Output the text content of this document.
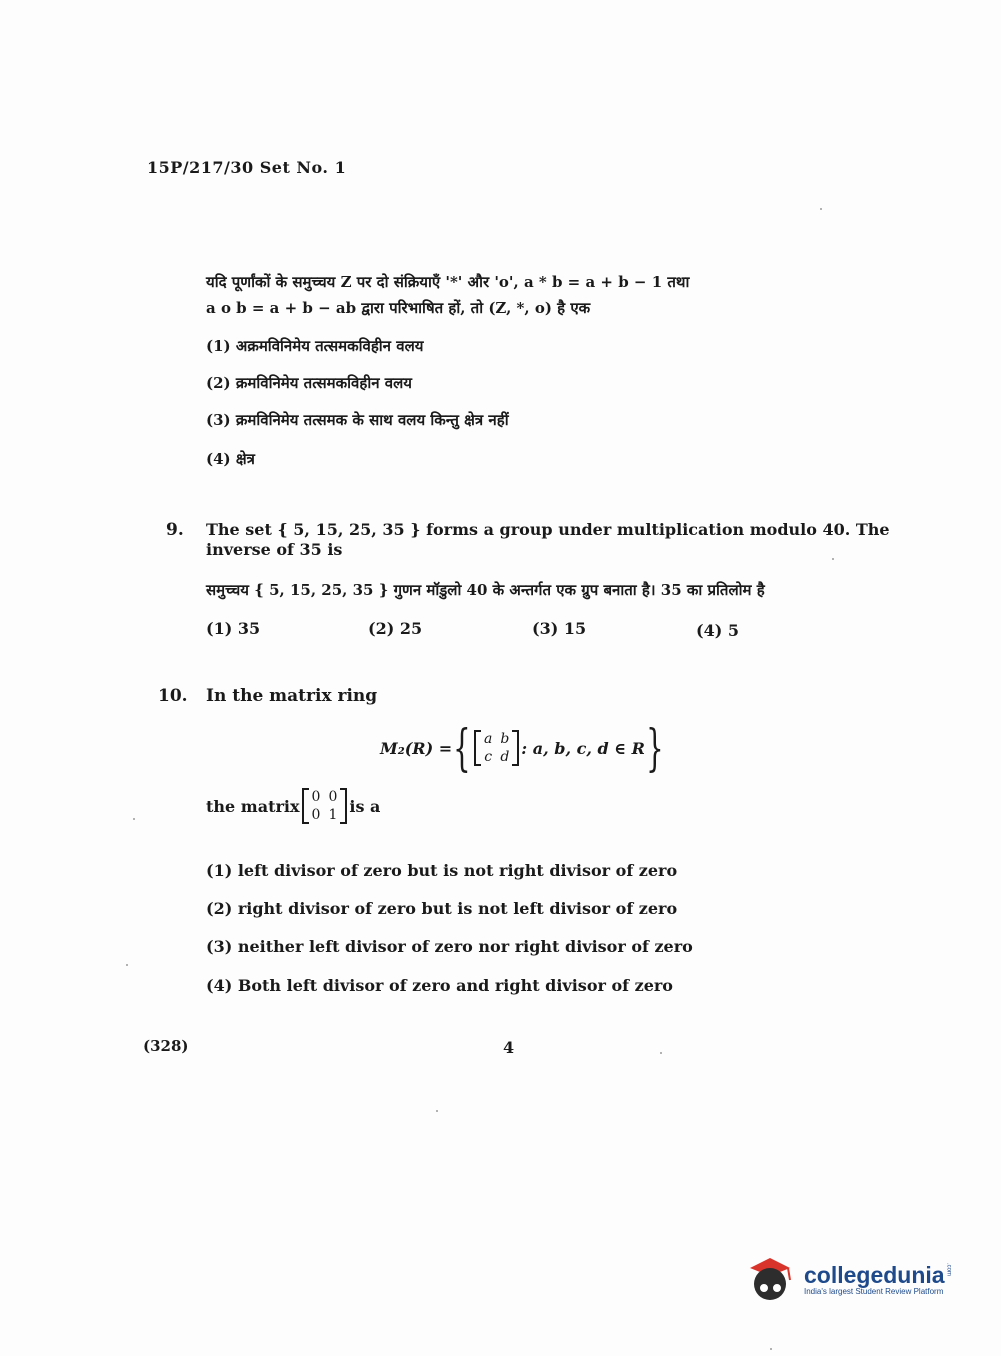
15P/217/30 Set No. 1
यदि पूर्णांकों के समुच्चय Z पर दो संक्रियाएँ '*' और 'o', a * b = a + b − 1 तथा
a o b = a + b − ab द्वारा परिभाषित हों, तो (Z, *, o) है एक
(1) अक्रमविनिमेय तत्समकविहीन वलय
(2) क्रमविनिमेय तत्समकविहीन वलय
(3) क्रमविनिमेय तत्समक के साथ वलय किन्तु क्षेत्र नहीं
(4) क्षेत्र
9. The set { 5, 15, 25, 35 } forms a group under multiplication modulo 40. The
inverse of 35 is
समुच्चय { 5, 15, 25, 35 } गुणन मॉडुलो 40 के अन्तर्गत एक ग्रुप बनाता है। 35 का प्रतिलोम है
(1) 35	(2) 25	(3) 15	(4) 5
10. In the matrix ring
M₂(R) = { a	b
c	d : a, b, c, d ∈ R }
the matrix 0	0
0	1 is a
(1) left divisor of zero but is not right divisor of zero
(2) right divisor of zero but is not left divisor of zero
(3) neither left divisor of zero nor right divisor of zero
(4) Both left divisor of zero and right divisor of zero
(328)	4
collegedunia .com
India's largest Student Review Platform
